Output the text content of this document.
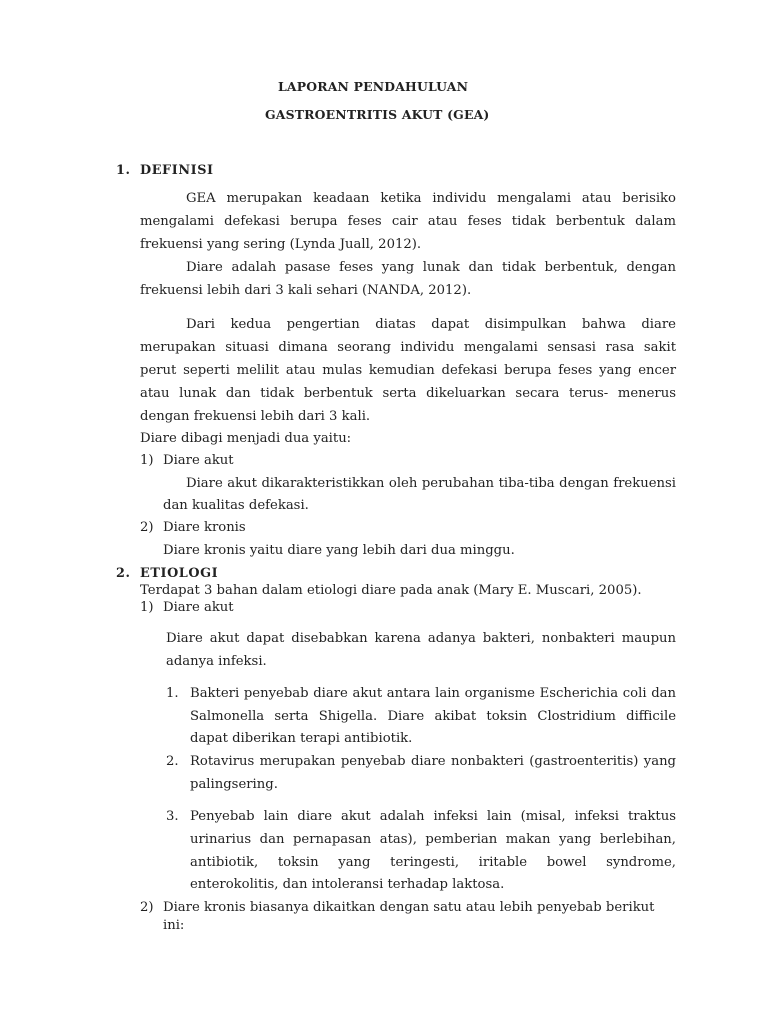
LAPORAN PENDAHULUAN
GASTROENTRITIS AKUT (GEA)
1. DEFINISI
GEA merupakan keadaan ketika individu mengalami atau berisiko
mengalami defekasi berupa feses cair atau feses tidak berbentuk dalam
frekuensi yang sering (Lynda Juall, 2012).
Diare adalah pasase feses yang lunak dan tidak berbentuk, dengan
frekuensi lebih dari 3 kali sehari (NANDA, 2012).
Dari kedua pengertian diatas dapat disimpulkan bahwa diare
merupakan situasi dimana seorang individu mengalami sensasi rasa sakit
perut seperti melilit atau mulas kemudian defekasi berupa feses yang encer
atau lunak dan tidak berbentuk serta dikeluarkan secara terus- menerus
dengan frekuensi lebih dari 3 kali.
Diare dibagi menjadi dua yaitu:
1) Diare akut
Diare akut dikarakteristikkan oleh perubahan tiba-tiba dengan frekuensi
dan kualitas defekasi.
2) Diare kronis
Diare kronis yaitu diare yang lebih dari dua minggu.
2. ETIOLOGI
Terdapat 3 bahan dalam etiologi diare pada anak (Mary E. Muscari, 2005).
1) Diare akut
Diare akut dapat disebabkan karena adanya bakteri, nonbakteri maupun
adanya infeksi.
1. Bakteri penyebab diare akut antara lain organisme Escherichia coli dan
Salmonella serta Shigella. Diare akibat toksin Clostridium difficile
dapat diberikan terapi antibiotik.
2. Rotavirus merupakan penyebab diare nonbakteri (gastroenteritis) yang
palingsering.
3. Penyebab lain diare akut adalah infeksi lain (misal, infeksi traktus
urinarius dan pernapasan atas), pemberian makan yang berlebihan,
antibiotik, toksin yang teringesti, iritable bowel syndrome,
enterokolitis, dan intoleransi terhadap laktosa.
2) Diare kronis biasanya dikaitkan dengan satu atau lebih penyebab berikut
ini:
